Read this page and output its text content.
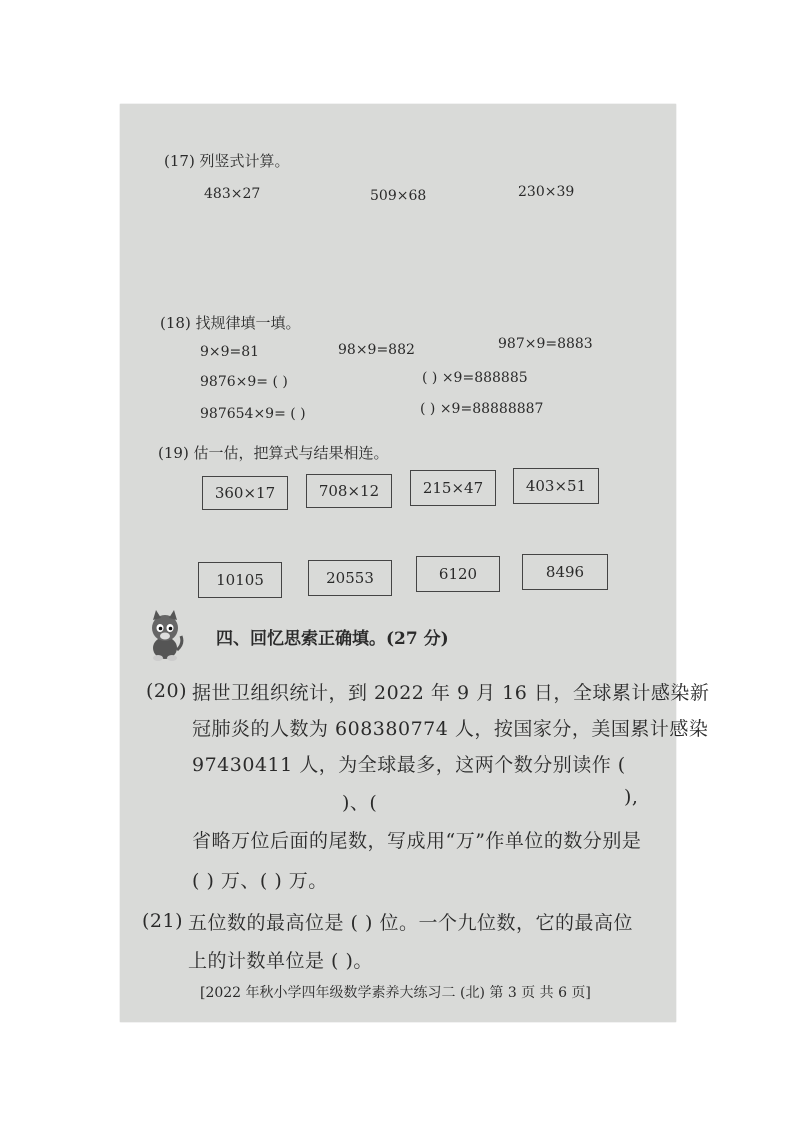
(17) 列竖式计算。
483×27	509×68	230×39
(18) 找规律填一填。
9×9=81	98×9=882	987×9=8883
9876×9= ( )	( ) ×9=888885
987654×9= ( )	( ) ×9=88888887
(19) 估一估，把算式与结果相连。
360×17	708×12	215×47	403×51
10105	20553	6120	8496
四、回忆思索正确填。(27 分)
(20) 据世卫组织统计，到 2022 年 9 月 16 日，全球累计感染新
冠肺炎的人数为 608380774 人，按国家分，美国累计感染
97430411 人，为全球最多，这两个数分别读作 (
)、(	),
省略万位后面的尾数，写成用“万”作单位的数分别是
( ) 万、( ) 万。
(21) 五位数的最高位是 ( ) 位。一个九位数，它的最高位
上的计数单位是 ( )。
[2022 年秋小学四年级数学素养大练习二 (北) 第 3 页 共 6 页]
